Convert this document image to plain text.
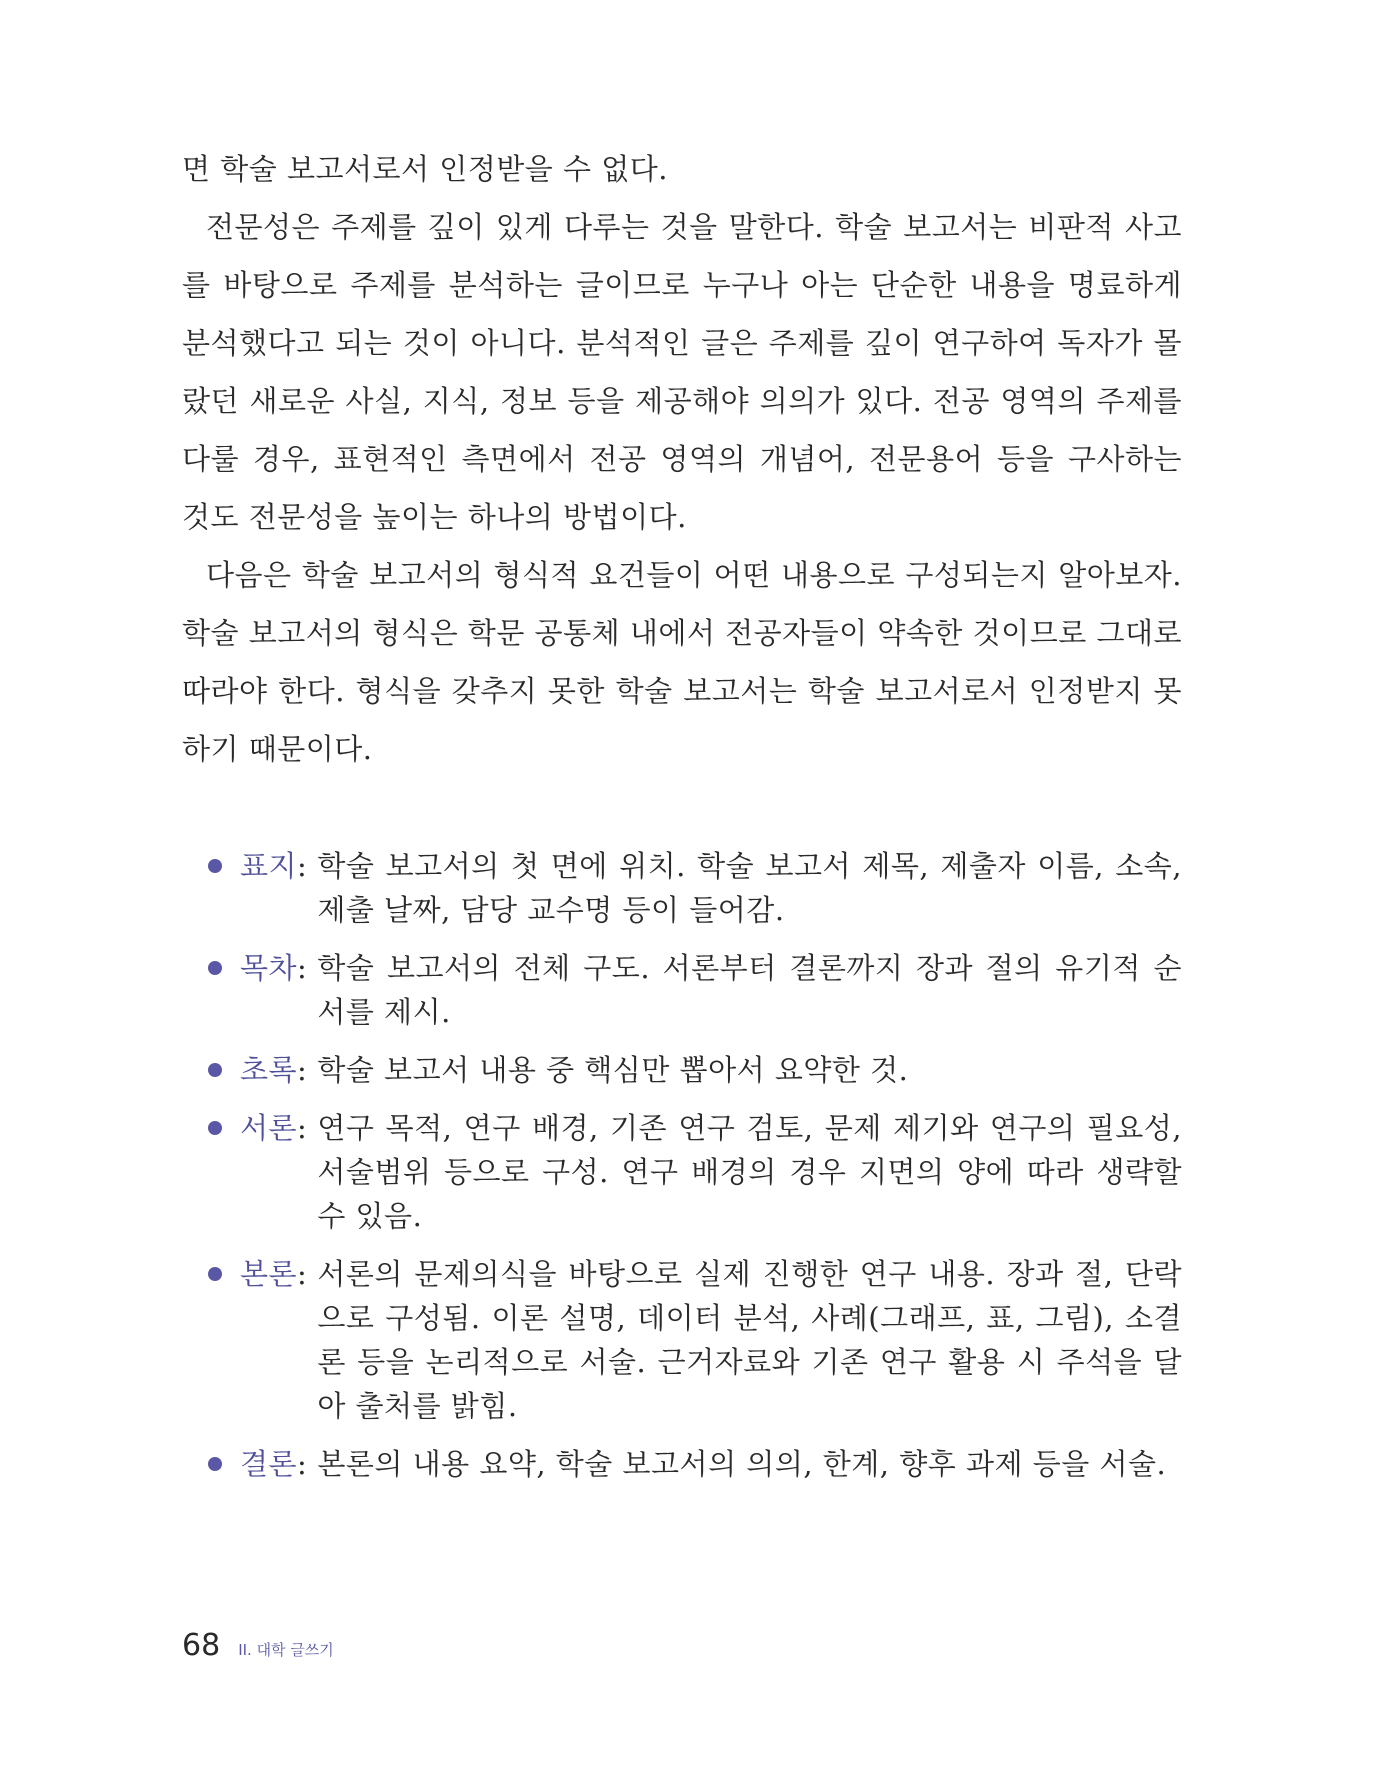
면 학술 보고서로서 인정받을 수 없다.

전문성은 주제를 깊이 있게 다루는 것을 말한다. 학술 보고서는 비판적 사고를 바탕으로 주제를 분석하는 글이므로 누구나 아는 단순한 내용을 명료하게 분석했다고 되는 것이 아니다. 분석적인 글은 주제를 깊이 연구하여 독자가 몰랐던 새로운 사실, 지식, 정보 등을 제공해야 의의가 있다. 전공 영역의 주제를 다룰 경우, 표현적인 측면에서 전공 영역의 개념어, 전문용어 등을 구사하는 것도 전문성을 높이는 하나의 방법이다.

다음은 학술 보고서의 형식적 요건들이 어떤 내용으로 구성되는지 알아보자. 학술 보고서의 형식은 학문 공통체 내에서 전공자들이 약속한 것이므로 그대로 따라야 한다. 형식을 갖추지 못한 학술 보고서는 학술 보고서로서 인정받지 못하기 때문이다.

표지 : 학술 보고서의 첫 면에 위치. 학술 보고서 제목, 제출자 이름, 소속, 제출 날짜, 담당 교수명 등이 들어감.
목차 : 학술 보고서의 전체 구도. 서론부터 결론까지 장과 절의 유기적 순서를 제시.
초록 : 학술 보고서 내용 중 핵심만 뽑아서 요약한 것.
서론 : 연구 목적, 연구 배경, 기존 연구 검토, 문제 제기와 연구의 필요성, 서술범위 등으로 구성. 연구 배경의 경우 지면의 양에 따라 생략할 수 있음.
본론 : 서론의 문제의식을 바탕으로 실제 진행한 연구 내용. 장과 절, 단락으로 구성됨. 이론 설명, 데이터 분석, 사례(그래프, 표, 그림), 소결론 등을 논리적으로 서술. 근거자료와 기존 연구 활용 시 주석을 달아 출처를 밝힘.
결론 : 본론의 내용 요약, 학술 보고서의 의의, 한계, 향후 과제 등을 서술.
68 II. 대학 글쓰기
